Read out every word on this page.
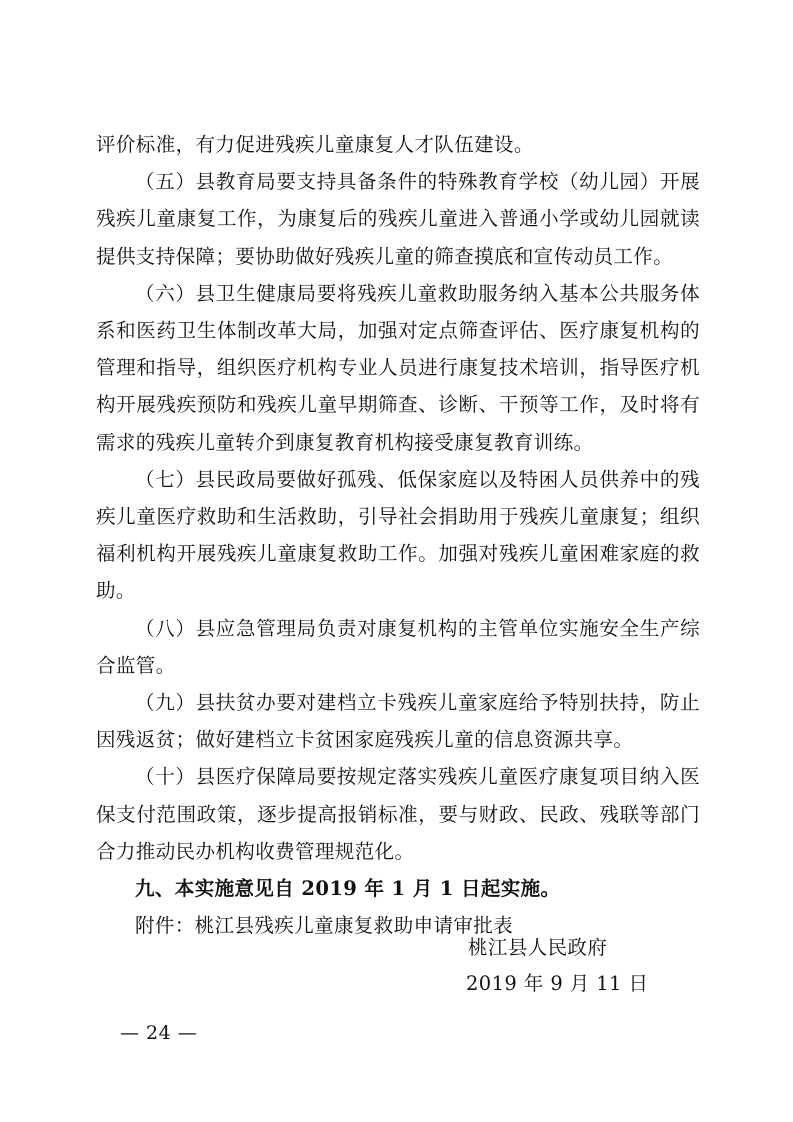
评价标准，有力促进残疾儿童康复人才队伍建设。

（五）县教育局要支持具备条件的特殊教育学校（幼儿园）开展残疾儿童康复工作，为康复后的残疾儿童进入普通小学或幼儿园就读提供支持保障；要协助做好残疾儿童的筛查摸底和宣传动员工作。

（六）县卫生健康局要将残疾儿童救助服务纳入基本公共服务体系和医药卫生体制改革大局，加强对定点筛查评估、医疗康复机构的管理和指导，组织医疗机构专业人员进行康复技术培训，指导医疗机构开展残疾预防和残疾儿童早期筛查、诊断、干预等工作，及时将有需求的残疾儿童转介到康复教育机构接受康复教育训练。

（七）县民政局要做好孤残、低保家庭以及特困人员供养中的残疾儿童医疗救助和生活救助，引导社会捐助用于残疾儿童康复；组织福利机构开展残疾儿童康复救助工作。加强对残疾儿童困难家庭的救助。

（八）县应急管理局负责对康复机构的主管单位实施安全生产综合监管。

（九）县扶贫办要对建档立卡残疾儿童家庭给予特别扶持，防止因残返贫；做好建档立卡贫困家庭残疾儿童的信息资源共享。

（十）县医疗保障局要按规定落实残疾儿童医疗康复项目纳入医保支付范围政策，逐步提高报销标准，要与财政、民政、残联等部门合力推动民办机构收费管理规范化。

九、本实施意见自 2019 年 1 月 1 日起实施。

附件：桃江县残疾儿童康复救助申请审批表

桃江县人民政府
2019 年 9 月 11 日
— 24 —
